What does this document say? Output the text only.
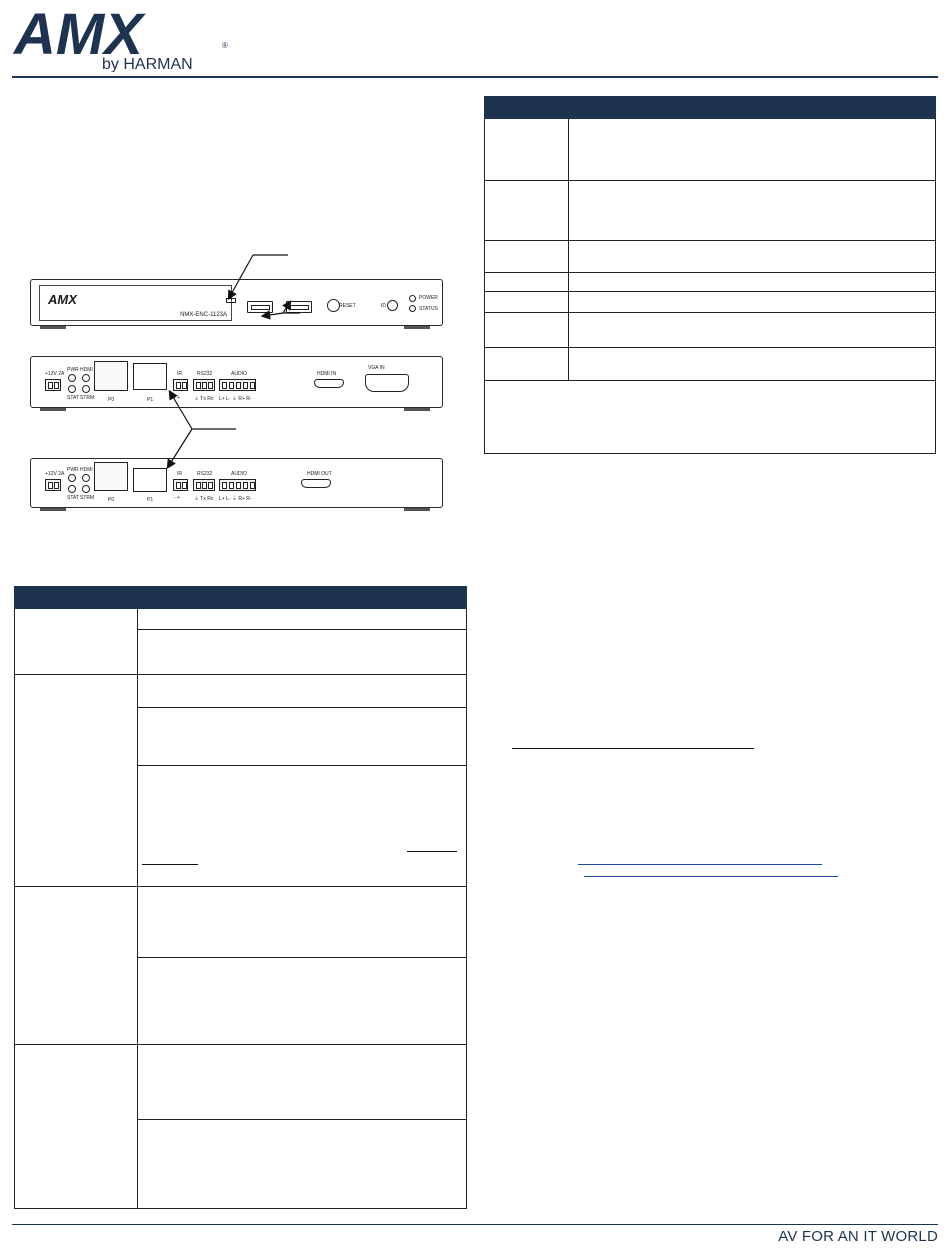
AMX	®
by HARMAN
AMX
NMX-ENC-1123A
RESET	ID
POWER
STATUS
+12V 2A
PWR HDMI
STAT STRM	P0	P1
IR
- +
RS232
⏚ Tx Rx
AUDIO
L+ L- ⏚ R+ R-
HDMI IN
VGA IN
+12V 2A
PWR HDMI
STAT STRM	P0	P1
IR
- +
RS232
⏚ Tx Rx
AUDIO
L+ L- ⏚ R+ R-
HDMI OUT

AV FOR AN IT WORLD
